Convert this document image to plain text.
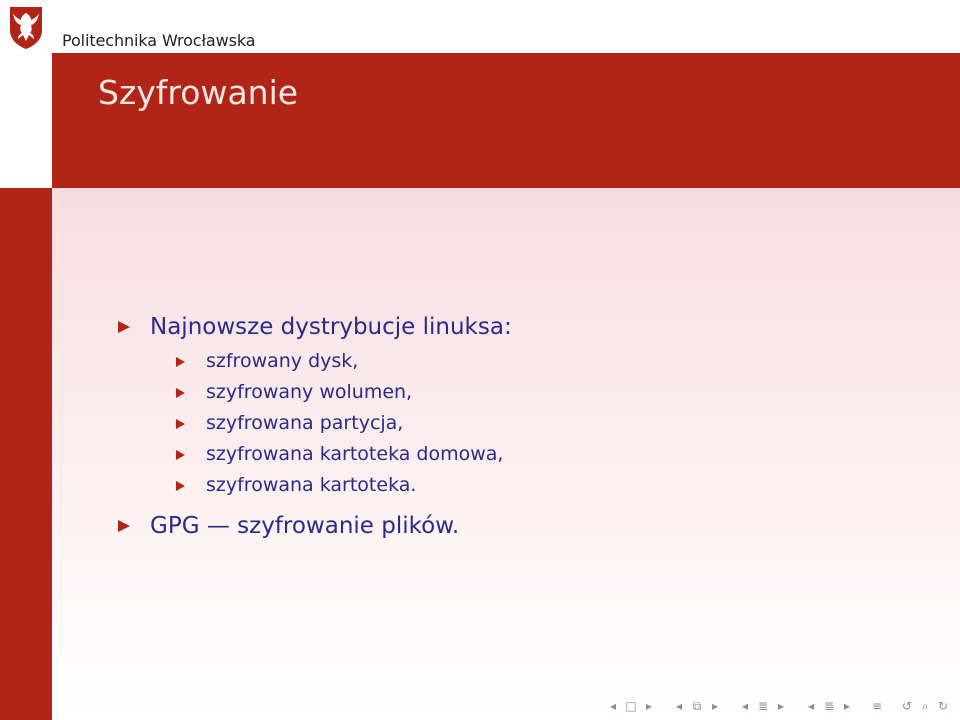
Politechnika Wrocławska
Szyfrowanie
Najnowsze dystrybucje linuksa:
szfrowany dysk,
szyfrowany wolumen,
szyfrowana partycja,
szyfrowana kartoteka domowa,
szyfrowana kartoteka.
GPG — szyfrowanie plików.
◂ □ ▸	◂ ⧉ ▸	◂ ≣ ▸	◂ ≣ ▸	≡ ↺ ⌕ ↻
